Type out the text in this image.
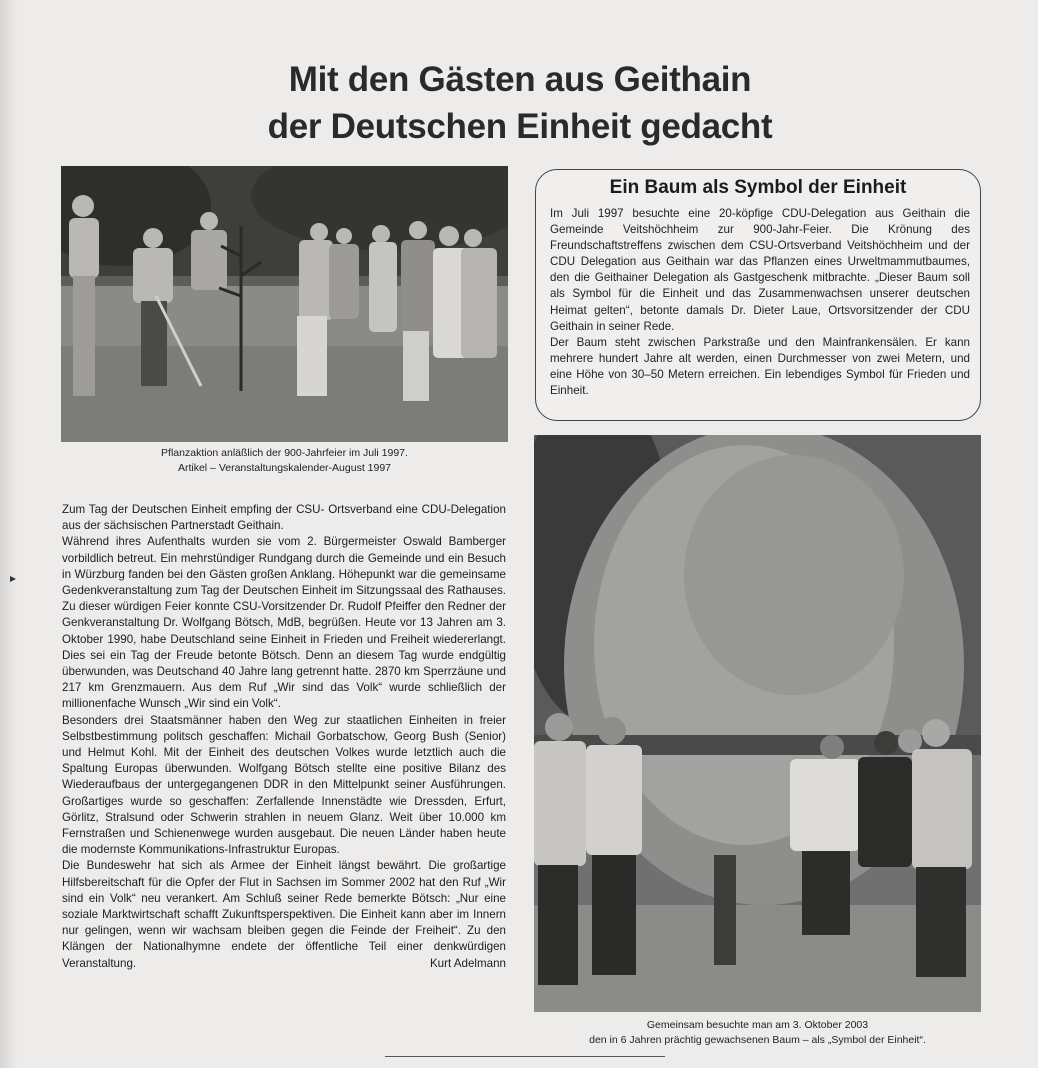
Mit den Gästen aus Geithain
der Deutschen Einheit gedacht
Pflanzaktion anläßlich der 900-Jahrfeier im Juli 1997.
Artikel – Veranstaltungskalender-August 1997
Ein Baum als Symbol der Einheit

Im Juli 1997 besuchte eine 20-köpfige CDU-Delegation aus Geithain die Gemeinde Veitshöchheim zur 900-Jahr-Feier. Die Krönung des Freundschaftstreffens zwischen dem CSU-Ortsverband Veitshöchheim und der CDU Delegation aus Geithain war das Pflanzen eines Urweltmammutbaumes, den die Geithainer Delegation als Gastgeschenk mitbrachte. „Dieser Baum soll als Symbol für die Einheit und das Zusammenwachsen unserer deutschen Heimat gelten“, betonte damals Dr. Dieter Laue, Ortsvorsitzender der CDU Geithain in seiner Rede.

Der Baum steht zwischen Parkstraße und den Mainfrankensälen. Er kann mehrere hundert Jahre alt werden, einen Durchmesser von zwei Metern, und eine Höhe von 30–50 Metern erreichen. Ein lebendiges Symbol für Frieden und Einheit.

Gemeinsam besuchte man am 3. Oktober 2003
den in 6 Jahren prächtig gewachsenen Baum – als „Symbol der Einheit“.

Zum Tag der Deutschen Einheit empfing der CSU- Ortsverband eine CDU-Delegation aus der sächsischen Partnerstadt Geithain.

Während ihres Aufenthalts wurden sie vom 2. Bürgermeister Oswald Bamberger vorbildlich betreut. Ein mehrstündiger Rundgang durch die Gemeinde und ein Besuch in Würzburg fanden bei den Gästen großen Anklang. Höhepunkt war die gemeinsame Gedenkveranstaltung zum Tag der Deutschen Einheit im Sitzungssaal des Rathauses. Zu dieser würdigen Feier konnte CSU-Vorsitzender Dr. Rudolf Pfeiffer den Redner der Genkveranstaltung Dr. Wolfgang Bötsch, MdB, begrüßen. Heute vor 13 Jahren am 3. Oktober 1990, habe Deutschland seine Einheit in Frieden und Freiheit wiedererlangt. Dies sei ein Tag der Freude betonte Bötsch. Denn an diesem Tag wurde endgültig überwunden, was Deutschand 40 Jahre lang getrennt hatte. 2870 km Sperrzäune und 217 km Grenzmauern. Aus dem Ruf „Wir sind das Volk“ wurde schließlich der millionenfache Wunsch „Wir sind ein Volk“.

Besonders drei Staatsmänner haben den Weg zur staatlichen Einheiten in freier Selbstbestimmung politsch geschaffen: Michail Gorbatschow, Georg Bush (Senior) und Helmut Kohl. Mit der Einheit des deutschen Volkes wurde letztlich auch die Spaltung Europas überwunden. Wolfgang Bötsch stellte eine positive Bilanz des Wiederaufbaus der untergegangenen DDR in den Mittelpunkt seiner Ausführungen. Großartiges wurde so geschaffen: Zerfallende Innenstädte wie Dressden, Erfurt, Görlitz, Stralsund oder Schwerin strahlen in neuem Glanz. Weit über 10.000 km Fernstraßen und Schienenwege wurden ausgebaut. Die neuen Länder haben heute die modernste Kommunikations-Infrastruktur Europas.

Die Bundeswehr hat sich als Armee der Einheit längst bewährt. Die großartige Hilfsbereitschaft für die Opfer der Flut in Sachsen im Sommer 2002 hat den Ruf „Wir sind ein Volk“ neu verankert. Am Schluß seiner Rede bemerkte Bötsch: „Nur eine soziale Marktwirtschaft schafft Zukunftsperspektiven. Die Einheit kann aber im Innern nur gelingen, wenn wir wachsam bleiben gegen die Feinde der Freiheit“. Zu den Klängen der Nationalhymne endete der öffentliche Teil einer denkwürdigen Veranstaltung.	Kurt Adelmann
